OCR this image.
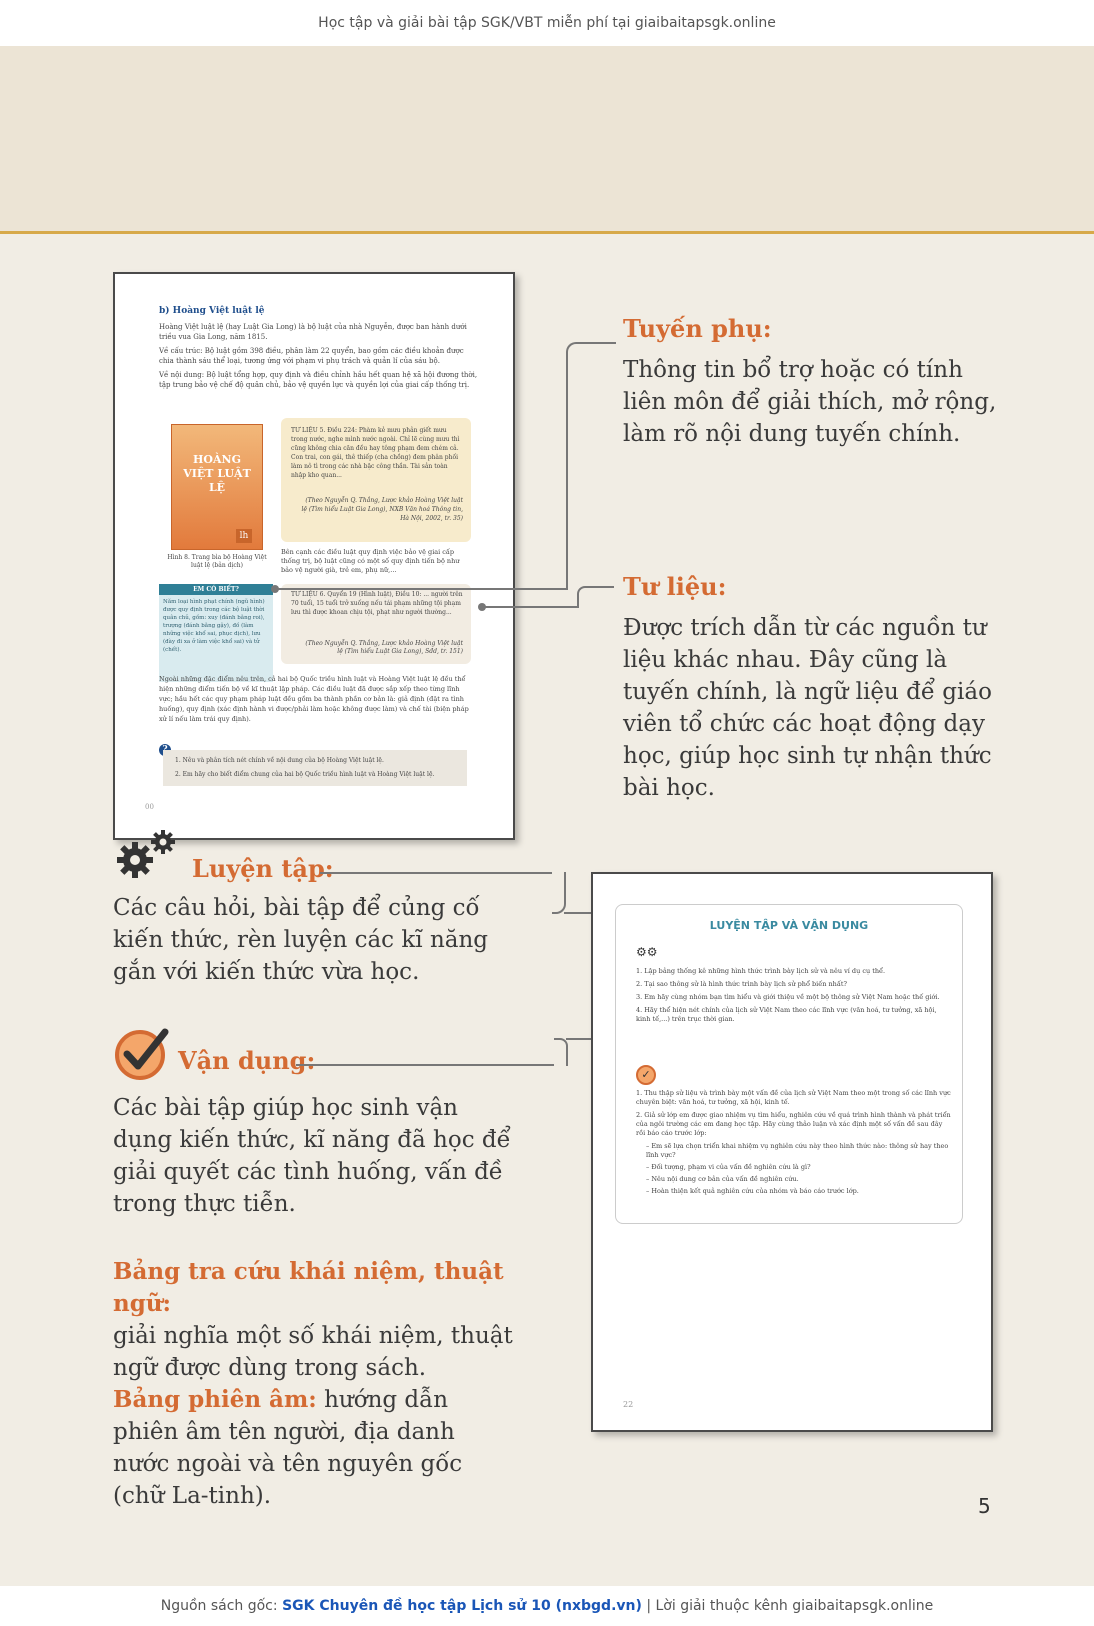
Học tập và giải bài tập SGK/VBT miễn phí tại giaibaitapsgk.online
b) Hoàng Việt luật lệ
Hoàng Việt luật lệ (hay Luật Gia Long) là bộ luật của nhà Nguyễn, được ban hành dưới triều vua Gia Long, năm 1815.
Về cấu trúc: Bộ luật gồm 398 điều, phân làm 22 quyển, bao gồm các điều khoản được chia thành sáu thể loại, tương ứng với phạm vi phụ trách và quản lí của sáu bộ.
Về nội dung: Bộ luật tổng hợp, quy định và điều chỉnh hầu hết quan hệ xã hội đương thời, tập trung bảo vệ chế độ quân chủ, bảo vệ quyền lực và quyền lợi của giai cấp thống trị.
HOÀNG VIỆT LUẬT LỆ
lh
Hình 8. Trang bìa bộ Hoàng Việt luật lệ (bản dịch)
TƯ LIỆU 5. Điều 224: Phàm kẻ mưu phản giết mưu trong nước, nghe mình nước ngoài. Chỉ lẽ cùng mưu thì cũng không chia căn đều hay tông phạm đem chém cả. Con trai, con gái, thê thiếp (cha chồng) đem phân phối làm nô tì trong các nhà bậc công thần. Tài sản toàn nhập kho quan...
(Theo Nguyễn Q. Thắng, Lược khảo Hoàng Việt luật lệ (Tìm hiểu Luật Gia Long), NXB Văn hoá Thông tin, Hà Nội, 2002, tr. 35)
Bên cạnh các điều luật quy định việc bảo vệ giai cấp thống trị, bộ luật cũng có một số quy định tiến bộ như bảo vệ người già, trẻ em, phụ nữ,...
EM CÓ BIẾT?
Năm loại hình phạt chính (ngũ hình) được quy định trong các bộ luật thời quân chủ, gồm: xuy (đánh bằng roi), trượng (đánh bằng gậy), đồ (làm những việc khổ sai, phục dịch), lưu (đày đi xa ở làm việc khổ sai) và tử (chết).
TƯ LIỆU 6. Quyển 19 (Hình luật), Điều 10: ... người trên 70 tuổi, 15 tuổi trở xuống nếu tái phạm những tội phạm lưu thì được khoan chịu tội, phạt như người thường...
(Theo Nguyễn Q. Thắng, Lược khảo Hoàng Việt luật lệ (Tìm hiểu Luật Gia Long), Sđd, tr. 151)
Ngoài những đặc điểm nêu trên, cả hai bộ Quốc triều hình luật và Hoàng Việt luật lệ đều thể hiện những điểm tiến bộ về kĩ thuật lập pháp. Các điều luật đã được sắp xếp theo từng lĩnh vực; hầu hết các quy phạm pháp luật đều gồm ba thành phần cơ bản là: giả định (đặt ra tình huống), quy định (xác định hành vi được/phải làm hoặc không được làm) và chế tài (biện pháp xử lí nếu làm trái quy định).
1. Nêu và phân tích nét chính về nội dung của bộ Hoàng Việt luật lệ.
2. Em hãy cho biết điểm chung của hai bộ Quốc triều hình luật và Hoàng Việt luật lệ.
00
Tuyến phụ:
Thông tin bổ trợ hoặc có tính liên môn để giải thích, mở rộng, làm rõ nội dung tuyến chính.
Tư liệu:
Được trích dẫn từ các nguồn tư liệu khác nhau. Đây cũng là tuyến chính, là ngữ liệu để giáo viên tổ chức các hoạt động dạy học, giúp học sinh tự nhận thức bài học.
Luyện tập:
Các câu hỏi, bài tập để củng cố kiến thức, rèn luyện các kĩ năng gắn với kiến thức vừa học.
Vận dụng:
Các bài tập giúp học sinh vận dụng kiến thức, kĩ năng đã học để giải quyết các tình huống, vấn đề trong thực tiễn.
Bảng tra cứu khái niệm, thuật ngữ:
giải nghĩa một số khái niệm, thuật ngữ được dùng trong sách.
Bảng phiên âm: hướng dẫn phiên âm tên người, địa danh nước ngoài và tên nguyên gốc (chữ La-tinh).
LUYỆN TẬP VÀ VẬN DỤNG
⚙⚙
1. Lập bảng thống kê những hình thức trình bày lịch sử và nêu ví dụ cụ thể.
2. Tại sao thông sử là hình thức trình bày lịch sử phổ biến nhất?
3. Em hãy cùng nhóm bạn tìm hiểu và giới thiệu về một bộ thông sử Việt Nam hoặc thế giới.
4. Hãy thể hiện nét chính của lịch sử Việt Nam theo các lĩnh vực (văn hoá, tư tưởng, xã hội, kinh tế,...) trên trục thời gian.
✓
1. Thu thập sử liệu và trình bày một vấn đề của lịch sử Việt Nam theo một trong số các lĩnh vực chuyên biệt: văn hoá, tư tưởng, xã hội, kinh tế.
2. Giả sử lớp em được giao nhiệm vụ tìm hiểu, nghiên cứu về quá trình hình thành và phát triển của ngôi trường các em đang học tập. Hãy cùng thảo luận và xác định một số vấn đề sau đây rồi báo cáo trước lớp:
– Em sẽ lựa chọn triển khai nhiệm vụ nghiên cứu này theo hình thức nào: thông sử hay theo lĩnh vực?
– Đối tượng, phạm vi của vấn đề nghiên cứu là gì?
– Nêu nội dung cơ bản của vấn đề nghiên cứu.
– Hoàn thiện kết quả nghiên cứu của nhóm và báo cáo trước lớp.
22
5
Nguồn sách gốc: SGK Chuyên đề học tập Lịch sử 10 (nxbgd.vn) | Lời giải thuộc kênh giaibaitapsgk.online
